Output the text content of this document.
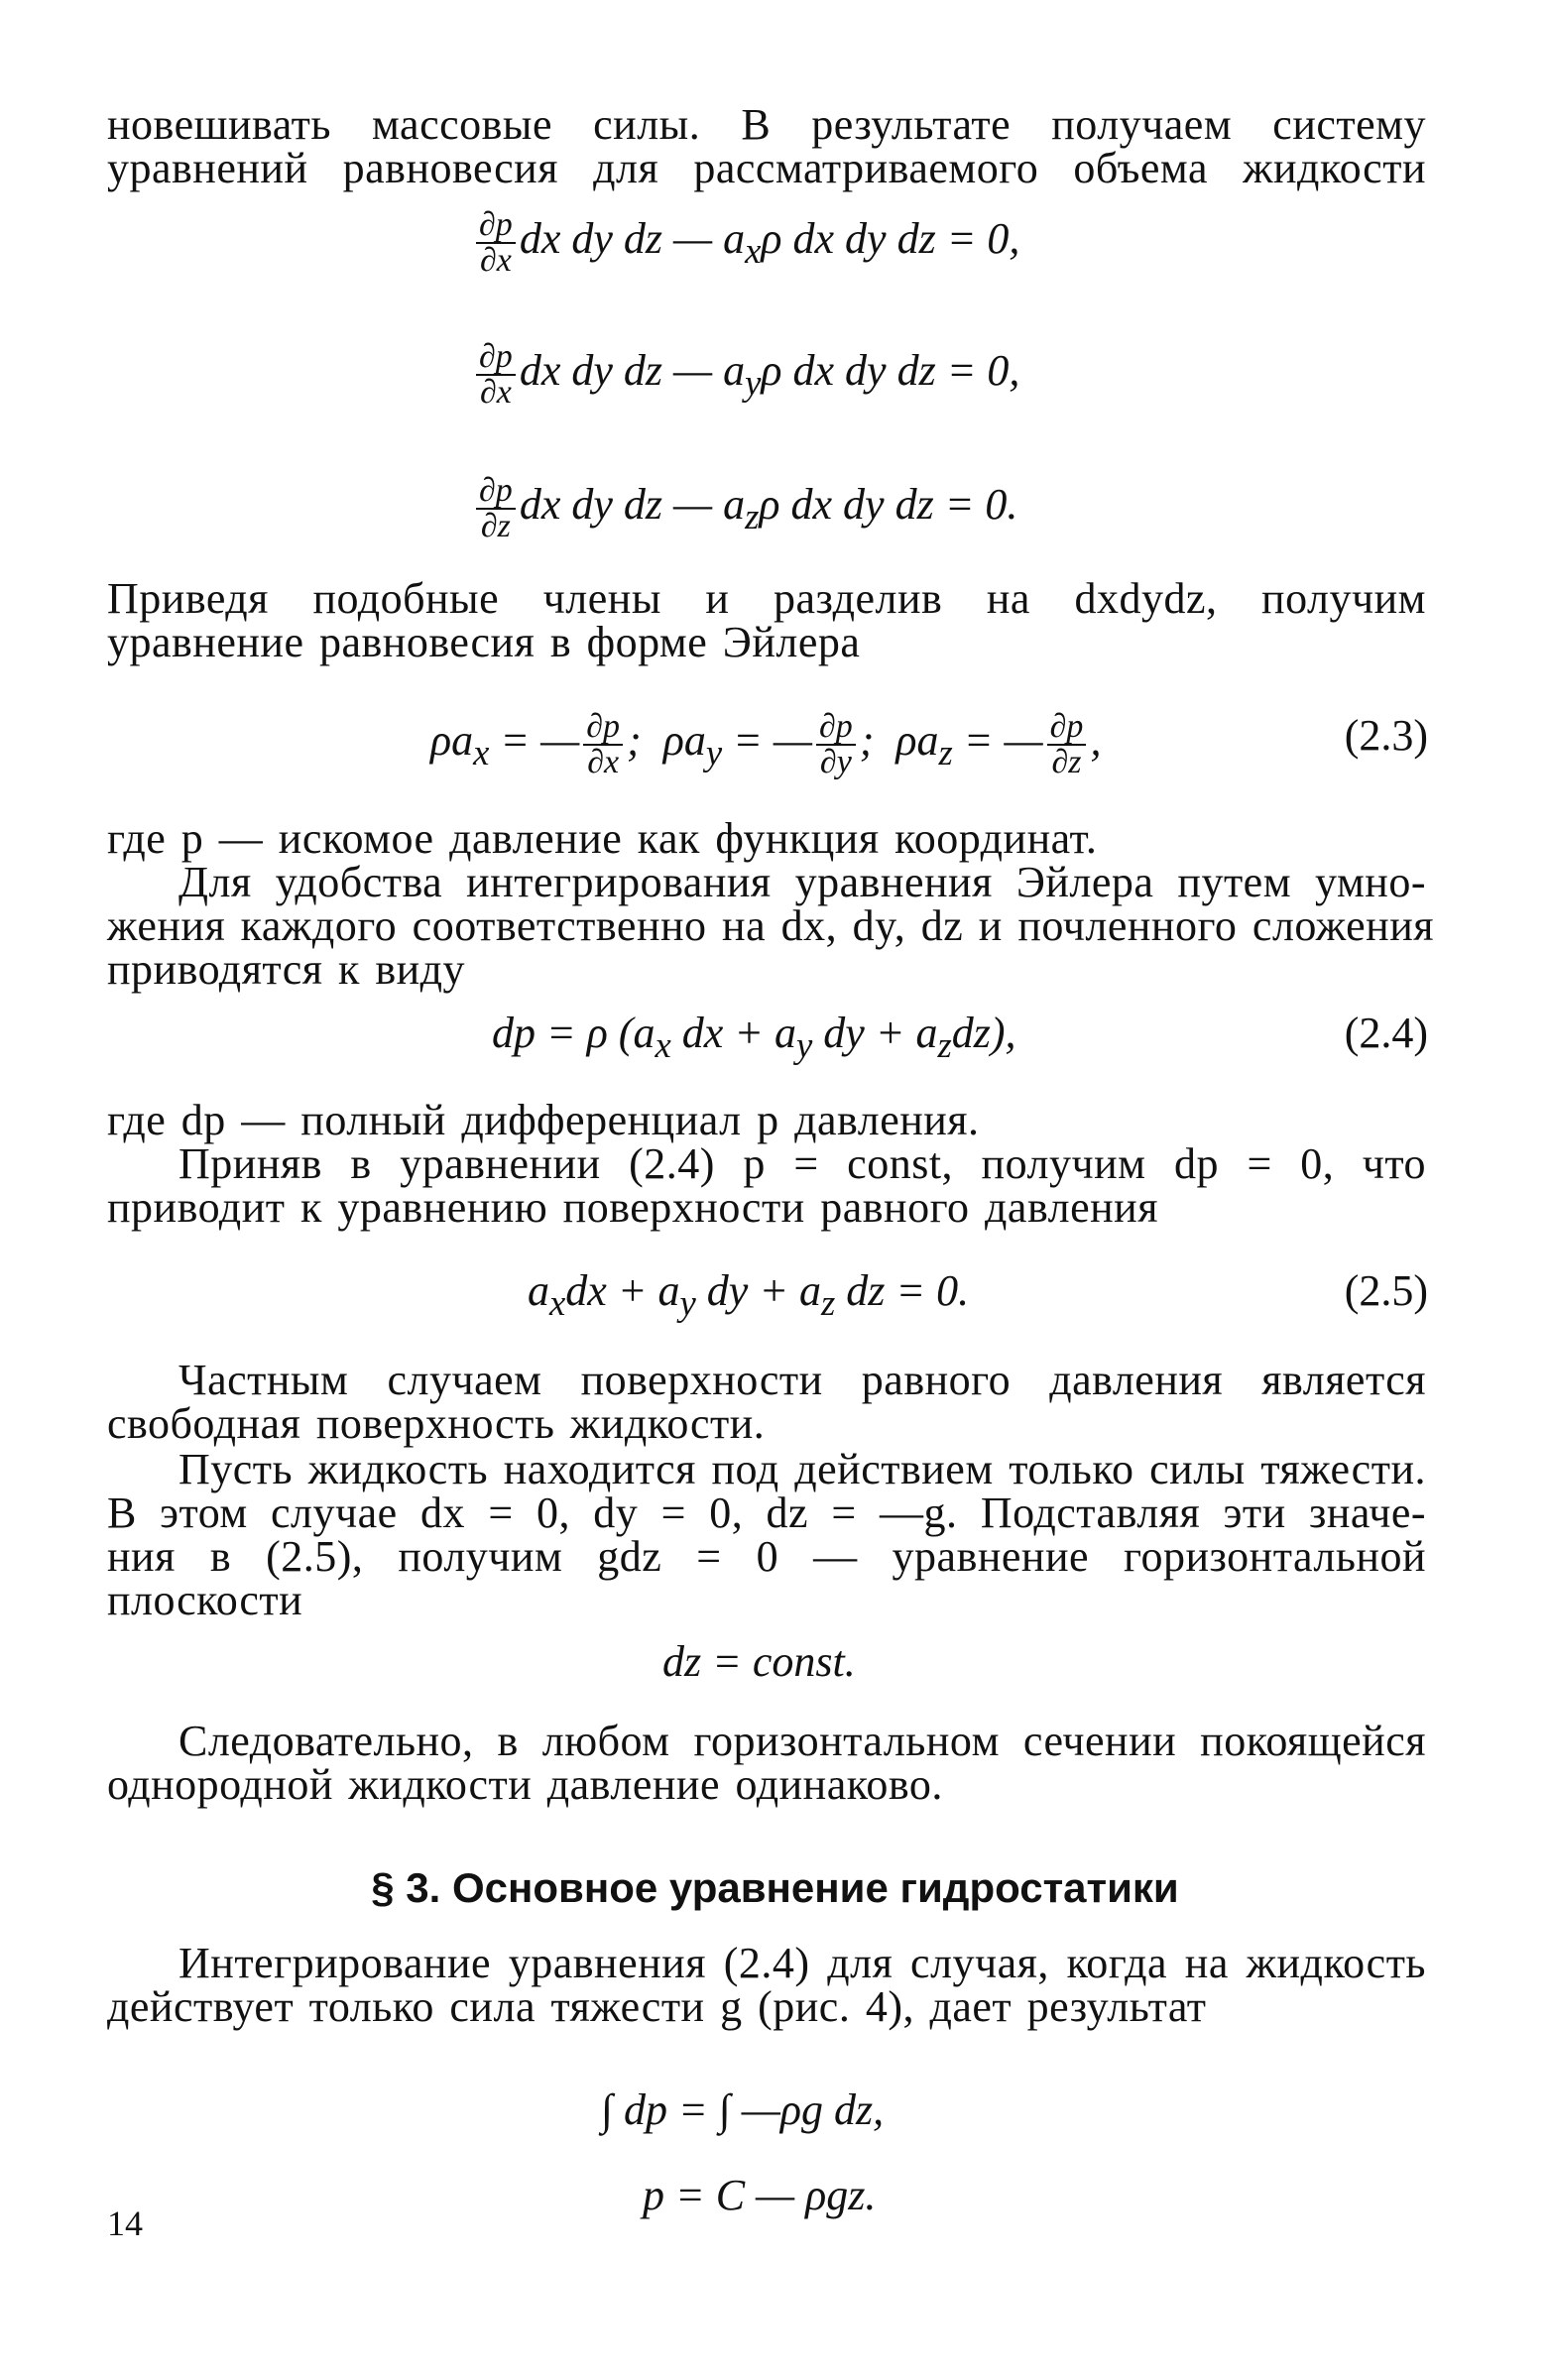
новешивать массовые силы. В результате получаем систему
уравнений равновесия для рассматриваемого объема жидкости
$\frac{\partial p}{\partial x}$ dx dy dz — $a_x\rho$ dx dy dz = 0,
$\frac{\partial p}{\partial x}$ dx dy dz — $a_y\rho$ dx dy dz = 0,
$\frac{\partial p}{\partial z}$ dx dy dz — $a_z\rho$ dx dy dz = 0.
Приведя подобные члены и разделив на dxdydz, получим
уравнение равновесия в форме Эйлера
$\rho a_x$ = — $\frac{\partial p}{\partial x}$ ; $\rho a_y$ = — $\frac{\partial p}{\partial y}$ ; $\rho a_z$ = — $\frac{\partial p}{\partial z}$ ,	(2.3)
где p — искомое давление как функция координат.
Для удобства интегрирования уравнения Эйлера путем умно-
жения каждого соответственно на dx, dy, dz и почленного сложения
приводятся к виду
dp = ρ ($a_x$ dx + $a_y$ dy + $a_zdz$),	(2.4)
где dp — полный дифференциал p давления.
Приняв в уравнении (2.4) p = const, получим dp = 0, что
приводит к уравнению поверхности равного давления
$a_xdx + a_y$ dy + $a_z$ dz = 0.	(2.5)
Частным случаем поверхности равного давления является
свободная поверхность жидкости.
Пусть жидкость находится под действием только силы тяжести.
В этом случае dx = 0, dy = 0, dz = —g. Подставляя эти значе-
ния в (2.5), получим gdz = 0 — уравнение горизонтальной
плоскости
dz = const.
Следовательно, в любом горизонтальном сечении покоящейся
однородной жидкости давление одинаково.
§ 3. Основное уравнение гидростатики
Интегрирование уравнения (2.4) для случая, когда на жидкость
действует только сила тяжести g (рис. 4), дает результат
∫ dp = ∫ —ρg dz,
p = C — ρgz.
14
